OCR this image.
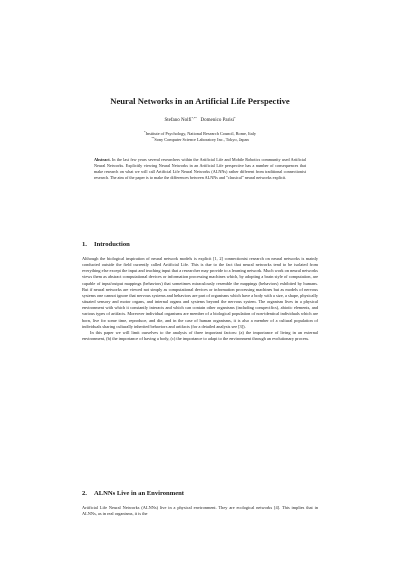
Neural Networks in an Artificial Life Perspective
Stefano Nolfi*,** Domenico Parisi*
*Institute of Psychology, National Research Council, Rome, Italy
**Sony Computer Science Laboratory Inc., Tokyo, Japan
Abstract. In the last few years several researchers within the Artificial Life and Mobile Robotics community used Artificial Neural Networks. Explicitly viewing Neural Networks in an Artificial Life perspective has a number of consequences that make research on what we will call Artificial Life Neural Networks (ALNNs) rather different from traditional connectionist research. The aim of the paper is to make the differences between ALNNs and "classical" neural networks explicit.
1. Introduction

Although the biological inspiration of neural network models is explicit [1, 2] connectionist research on neural networks is mainly conducted outside the field currently called Artificial Life. This is due to the fact that neural networks tend to be isolated from everything else except the input and teaching input that a researcher may provide to a learning network. Much work on neural networks views them as abstract computational devices or information processing machines which, by adopting a brain style of computation, are capable of input/output mappings (behaviors) that sometimes miraculously resemble the mappings (behaviors) exhibited by humans. But if neural networks are viewed not simply as computational devices or information processing machines but as models of nervous systems one cannot ignore that nervous systems and behaviors are part of organisms which have a body with a size, a shape, physically situated sensory and motor organs, and internal organs and systems beyond the nervous system. The organism lives in a physical environment with which it constantly interacts and which can contain other organisms (including conspecifics), abiotic elements, and various types of artifacts. Moreover individual organisms are member of a biological population of non-identical individuals which are born, live for some time, reproduce, and die, and in the case of human organisms, it is also a member of a cultural population of individuals sharing culturally inherited behaviors and artifacts (for a detailed analysis see [3]).

In this paper we will limit ourselves to the analysis of three important factors: (a) the importance of living in an external environment, (b) the importance of having a body, (c) the importance to adapt to the environment through an evolutionary process.

2. ALNNs Live in an Environment

Artificial Life Neural Networks (ALNNs) live in a physical environment. They are ecological networks [4]. This implies that in ALNNs, as in real organisms, it is the
